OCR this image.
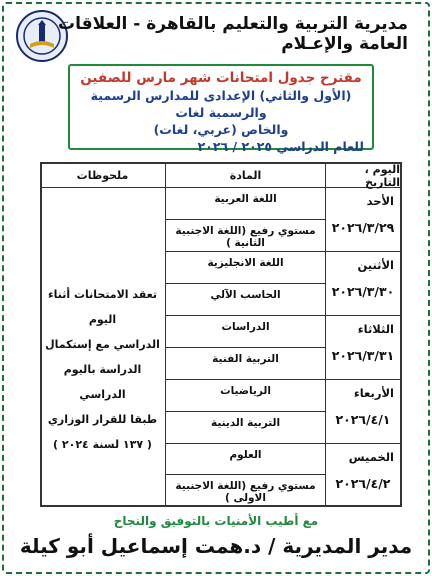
مديرية التربية والتعليم بالقاهرة - العلاقات العامة والإعـلام
مقترح جدول امتحانات شهر مارس للصفين
(الأول والثاني) الإعدادى للمدارس الرسمية والرسمية لغات
والخاص (عربي، لغات)
للعام الدراسي ٢٠٢٥ / ٢٠٢٦
اليوم ، التاريخ
الأحد
٢٠٢٦/٣/٢٩
الأثنين
٢٠٢٦/٣/٣٠
الثلاثاء
٢٠٢٦/٣/٣١
الأربعاء
٢٠٢٦/٤/١
الخميس
٢٠٢٦/٤/٢
المادة
اللغة العربية
مستوي رفيع (اللغة الاجنبية الثانية )
اللغة الانجليزية
الحاسب الآلي
الدراسات
التربية الفنية
الرياضيات
التربية الدينية
العلوم
مستوي رفيع (اللغة الاجنبية الاولى )
ملحوظات
تعقد الامتحانات أثناء اليوم
الدراسي مع إستكمال
الدراسة باليوم الدراسي
طبقا للقرار الوزاري
( ١٣٧ لسنة ٢٠٢٤ )
مع أطيب الأمنيات بالتوفيق والنجاح
مدير المديرية / د.همت إسماعيل أبو كيلة
